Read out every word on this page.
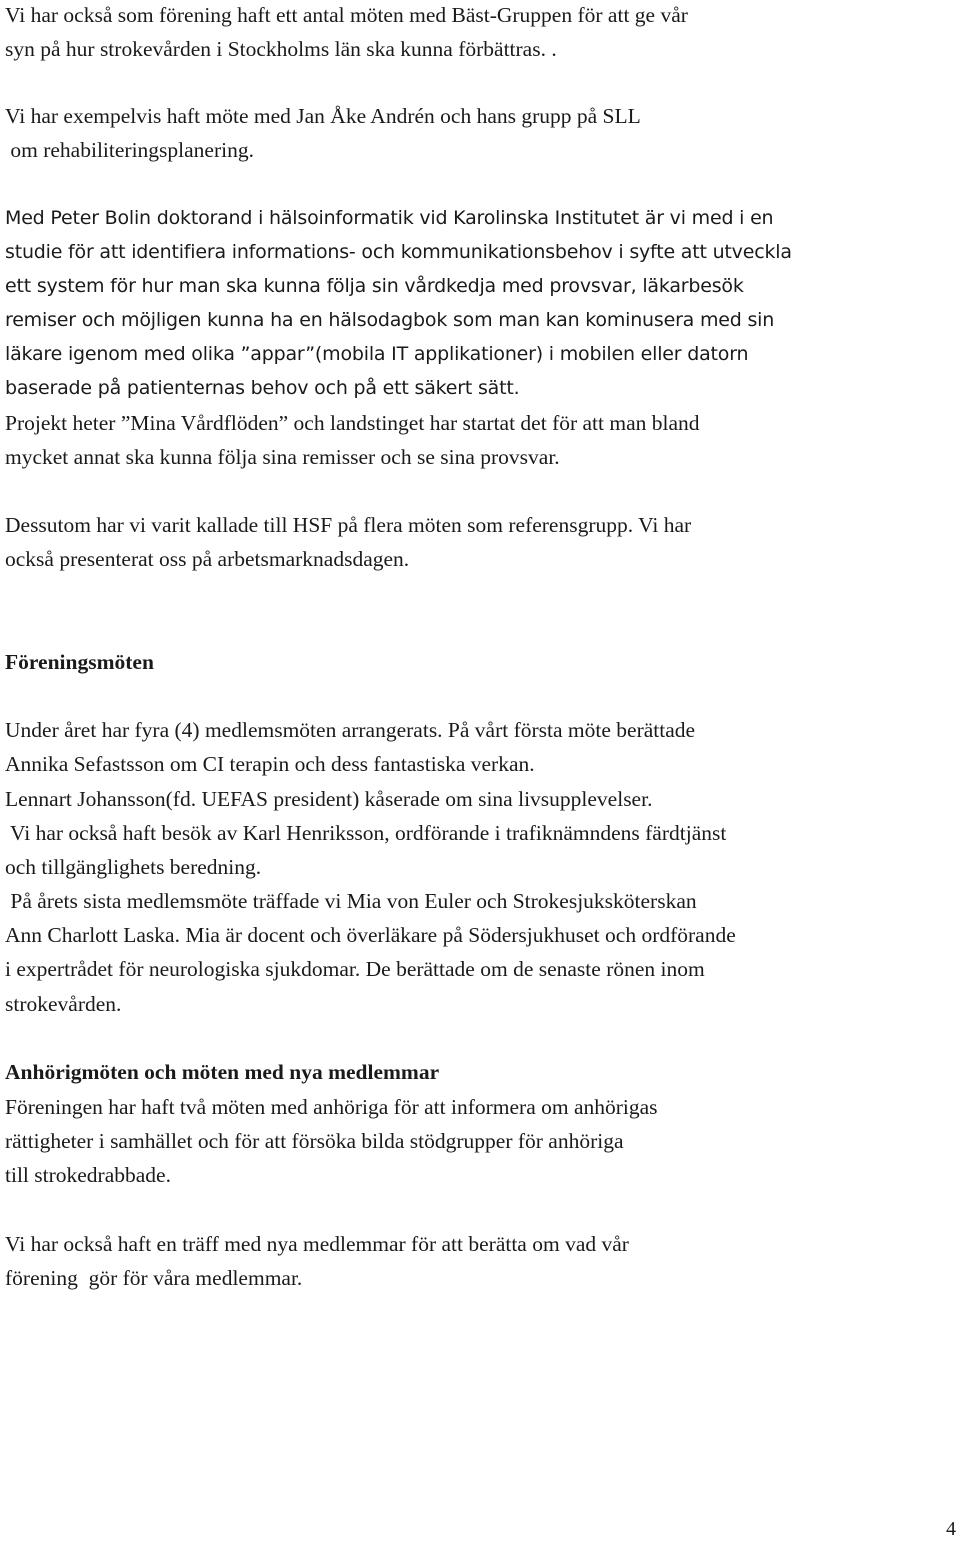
Vi har också som förening haft ett antal möten med Bäst-Gruppen för att ge vår

syn på hur strokevården i Stockholms län ska kunna förbättras. .

Vi har exempelvis haft möte med Jan Åke Andrén och hans grupp på SLL

om rehabiliteringsplanering.

Med Peter Bolin doktorand i hälsoinformatik vid Karolinska Institutet är vi med i en

studie för att identifiera informations- och kommunikationsbehov i syfte att utveckla

ett system för hur man ska kunna följa sin vårdkedja med provsvar, läkarbesök

remiser och möjligen kunna ha en hälsodagbok som man kan kominusera med sin

läkare igenom med olika ”appar”(mobila IT applikationer) i mobilen eller datorn

baserade på patienternas behov och på ett säkert sätt.

Projekt heter ”Mina Vårdflöden” och landstinget har startat det för att man bland

mycket annat ska kunna följa sina remisser och se sina provsvar.

Dessutom har vi varit kallade till HSF på flera möten som referensgrupp. Vi har

också presenterat oss på arbetsmarknadsdagen.

Föreningsmöten

Under året har fyra (4) medlemsmöten arrangerats. På vårt första möte berättade

Annika Sefastsson om CI terapin och dess fantastiska verkan.

Lennart Johansson(fd. UEFAS president) kåserade om sina livsupplevelser.

Vi har också haft besök av Karl Henriksson, ordförande i trafiknämndens färdtjänst

och tillgänglighets beredning.

På årets sista medlemsmöte träffade vi Mia von Euler och Strokesjuksköterskan

Ann Charlott Laska. Mia är docent och överläkare på Södersjukhuset och ordförande

i expertrådet för neurologiska sjukdomar. De berättade om de senaste rönen inom

strokevården.

Anhörigmöten och möten med nya medlemmar

Föreningen har haft två möten med anhöriga för att informera om anhörigas

rättigheter i samhället och för att försöka bilda stödgrupper för anhöriga

till strokedrabbade.

Vi har också haft en träff med nya medlemmar för att berätta om vad vår

förening  gör för våra medlemmar.

4
